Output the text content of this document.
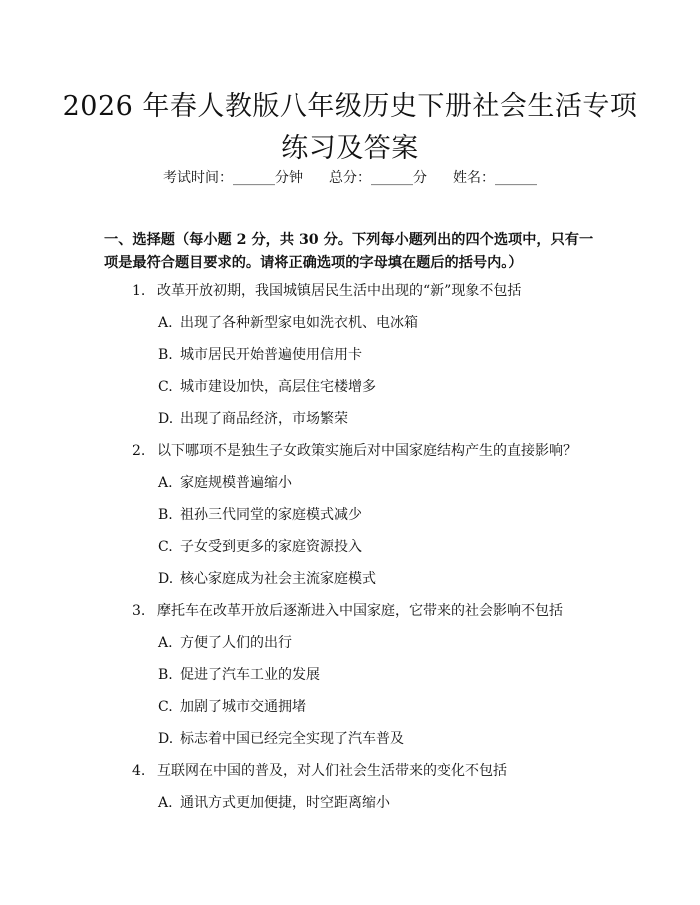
2026 年春人教版八年级历史下册社会生活专项练习及答案
考试时间：______分钟 总分：______分 姓名：______
一、选择题（每小题 2 分，共 30 分。下列每小题列出的四个选项中，只有一项是最符合题目要求的。请将正确选项的字母填在题后的括号内。）
1. 改革开放初期，我国城镇居民生活中出现的“新”现象不包括
A. 出现了各种新型家电如洗衣机、电冰箱
B. 城市居民开始普遍使用信用卡
C. 城市建设加快，高层住宅楼增多
D. 出现了商品经济，市场繁荣
2. 以下哪项不是独生子女政策实施后对中国家庭结构产生的直接影响？
A. 家庭规模普遍缩小
B. 祖孙三代同堂的家庭模式减少
C. 子女受到更多的家庭资源投入
D. 核心家庭成为社会主流家庭模式
3. 摩托车在改革开放后逐渐进入中国家庭，它带来的社会影响不包括
A. 方便了人们的出行
B. 促进了汽车工业的发展
C. 加剧了城市交通拥堵
D. 标志着中国已经完全实现了汽车普及
4. 互联网在中国的普及，对人们社会生活带来的变化不包括
A. 通讯方式更加便捷，时空距离缩小
